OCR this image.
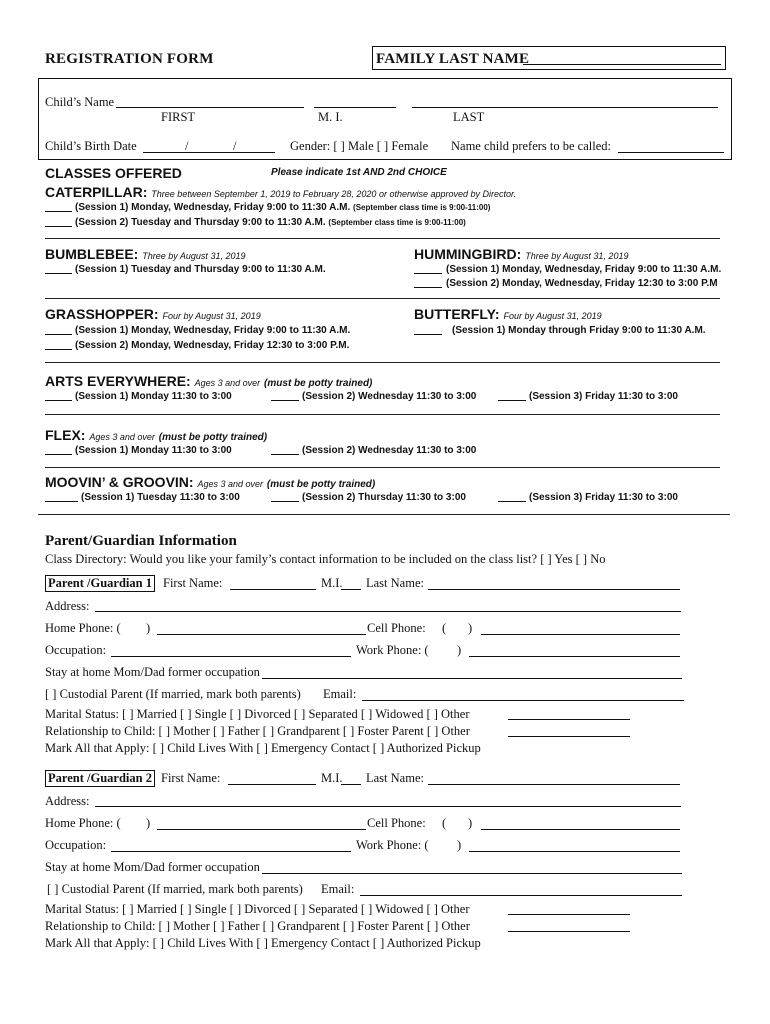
REGISTRATION FORM	FAMILY LAST NAME
Child’s Name
FIRST	M. I.	LAST
Child’s Birth Date	/	/	Gender: [ ] Male [ ] Female Name child prefers to be called:
CLASSES OFFERED	Please indicate 1st AND 2nd CHOICE
CATERPILLAR: Three between September 1, 2019 to February 28, 2020 or otherwise approved by Director.
(Session 1) Monday, Wednesday, Friday 9:00 to 11:30 A.M. (September class time is 9:00-11:00)
(Session 2) Tuesday and Thursday 9:00 to 11:30 A.M. (September class time is 9:00-11:00)
BUMBLEBEE: Three by August 31, 2019
(Session 1) Tuesday and Thursday 9:00 to 11:30 A.M.
HUMMINGBIRD: Three by August 31, 2019
(Session 1) Monday, Wednesday, Friday 9:00 to 11:30 A.M.
(Session 2) Monday, Wednesday, Friday 12:30 to 3:00 P.M
GRASSHOPPER: Four by August 31, 2019
(Session 1) Monday, Wednesday, Friday 9:00 to 11:30 A.M.
(Session 2) Monday, Wednesday, Friday 12:30 to 3:00 P.M.
BUTTERFLY: Four by August 31, 2019
(Session 1) Monday through Friday 9:00 to 11:30 A.M.
ARTS EVERYWHERE: Ages 3 and over (must be potty trained)
(Session 1) Monday 11:30 to 3:00	(Session 2) Wednesday 11:30 to 3:00	(Session 3) Friday 11:30 to 3:00
FLEX: Ages 3 and over (must be potty trained)
(Session 1) Monday 11:30 to 3:00	(Session 2) Wednesday 11:30 to 3:00
MOOVIN’ & GROOVIN: Ages 3 and over (must be potty trained)
(Session 1) Tuesday 11:30 to 3:00	(Session 2) Thursday 11:30 to 3:00	(Session 3) Friday 11:30 to 3:00
Parent/Guardian Information
Class Directory: Would you like your family’s contact information to be included on the class list? [ ] Yes [ ] No
Parent /Guardian 1 First Name:	M.I. Last Name:
Address:
Home Phone: ( )	Cell Phone: ( )
Occupation:	Work Phone: ( )
Stay at home Mom/Dad former occupation
[ ] Custodial Parent (If married, mark both parents) Email:
Marital Status: [ ] Married [ ] Single [ ] Divorced [ ] Separated [ ] Widowed [ ] Other
Relationship to Child: [ ] Mother [ ] Father [ ] Grandparent [ ] Foster Parent [ ] Other
Mark All that Apply: [ ] Child Lives With [ ] Emergency Contact [ ] Authorized Pickup
Parent /Guardian 2 First Name:	M.I. Last Name:
Address:
Home Phone: ( )	Cell Phone: ( )
Occupation:	Work Phone: ( )
Stay at home Mom/Dad former occupation
[ ] Custodial Parent (If married, mark both parents) Email:
Marital Status: [ ] Married [ ] Single [ ] Divorced [ ] Separated [ ] Widowed [ ] Other
Relationship to Child: [ ] Mother [ ] Father [ ] Grandparent [ ] Foster Parent [ ] Other
Mark All that Apply: [ ] Child Lives With [ ] Emergency Contact [ ] Authorized Pickup
